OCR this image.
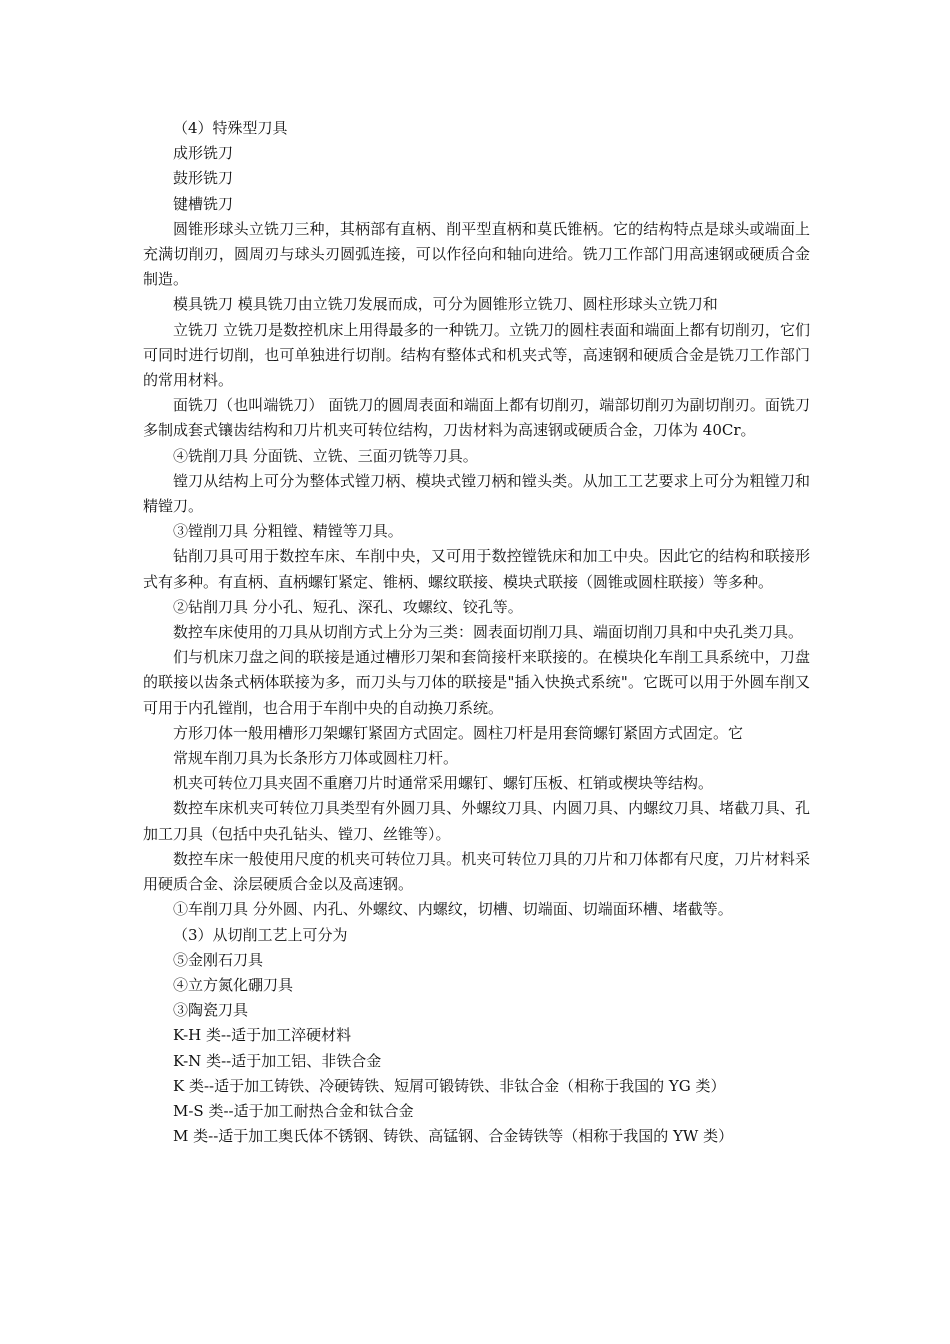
（4）特殊型刀具

成形铣刀

鼓形铣刀

键槽铣刀

圆锥形球头立铣刀三种，其柄部有直柄、削平型直柄和莫氏锥柄。它的结构特点是球头或端面上充满切削刃，圆周刃与球头刃圆弧连接，可以作径向和轴向进给。铣刀工作部门用高速钢或硬质合金制造。

模具铣刀 模具铣刀由立铣刀发展而成，可分为圆锥形立铣刀、圆柱形球头立铣刀和

立铣刀 立铣刀是数控机床上用得最多的一种铣刀。立铣刀的圆柱表面和端面上都有切削刃，它们可同时进行切削，也可单独进行切削。结构有整体式和机夹式等，高速钢和硬质合金是铣刀工作部门的常用材料。

面铣刀（也叫端铣刀） 面铣刀的圆周表面和端面上都有切削刃，端部切削刃为副切削刃。面铣刀多制成套式镶齿结构和刀片机夹可转位结构，刀齿材料为高速钢或硬质合金，刀体为 40Cr。

④铣削刀具 分面铣、立铣、三面刃铣等刀具。

镗刀从结构上可分为整体式镗刀柄、模块式镗刀柄和镗头类。从加工工艺要求上可分为粗镗刀和精镗刀。

③镗削刀具 分粗镗、精镗等刀具。

钻削刀具可用于数控车床、车削中央，又可用于数控镗铣床和加工中央。因此它的结构和联接形式有多种。有直柄、直柄螺钉紧定、锥柄、螺纹联接、模块式联接（圆锥或圆柱联接）等多种。

②钻削刀具 分小孔、短孔、深孔、攻螺纹、铰孔等。

数控车床使用的刀具从切削方式上分为三类：圆表面切削刀具、端面切削刀具和中央孔类刀具。

们与机床刀盘之间的联接是通过槽形刀架和套筒接杆来联接的。在模块化车削工具系统中，刀盘的联接以齿条式柄体联接为多，而刀头与刀体的联接是"插入快换式系统"。它既可以用于外圆车削又可用于内孔镗削，也合用于车削中央的自动换刀系统。

方形刀体一般用槽形刀架螺钉紧固方式固定。圆柱刀杆是用套筒螺钉紧固方式固定。它

常规车削刀具为长条形方刀体或圆柱刀杆。

机夹可转位刀具夹固不重磨刀片时通常采用螺钉、螺钉压板、杠销或楔块等结构。

数控车床机夹可转位刀具类型有外圆刀具、外螺纹刀具、内圆刀具、内螺纹刀具、堵截刀具、孔加工刀具（包括中央孔钻头、镗刀、丝锥等）。

数控车床一般使用尺度的机夹可转位刀具。机夹可转位刀具的刀片和刀体都有尺度，刀片材料采用硬质合金、涂层硬质合金以及高速钢。

①车削刀具 分外圆、内孔、外螺纹、内螺纹，切槽、切端面、切端面环槽、堵截等。

（3）从切削工艺上可分为

⑤金刚石刀具

④立方氮化硼刀具

③陶瓷刀具

K-H 类--适于加工淬硬材料

K-N 类--适于加工铝、非铁合金

K 类--适于加工铸铁、冷硬铸铁、短屑可锻铸铁、非钛合金（相称于我国的 YG 类）

M-S 类--适于加工耐热合金和钛合金

M 类--适于加工奥氏体不锈钢、铸铁、高锰钢、合金铸铁等（相称于我国的 YW 类）
